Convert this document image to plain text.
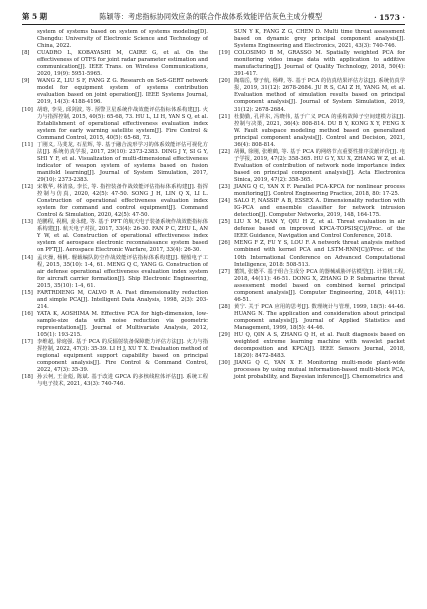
第 5 期	陈颖等：考虑指标协同效应条的联合作战体系效能评估灰色主成分模型	· 1573 ·

system of systems based on system of systems modeling[D]. Chengdu: University of Electronic Science and Technology of China, 2022.

[8]	CUADRO L, KOBAYASHI M, CAIRE G, et al. On the effectiveness of OTFS for joint radar parameter estimation and communication[J]. IEEE Trans. on Wireless Communications, 2020, 19(9): 5951-5965.
[9]	WANG Z, LIU S F, FANG Z G. Research on SoS-GERT network model for equipment system of systems contribution evaluation based on joint operation[J]. IEEE Systems Journal, 2019, 14(3): 4188-4196.
[10] 胡晗, 李昊, 邱剑波, 等. 预警卫星系统作战效能评估指标体系构建[J]. 火力与指挥控制, 2015, 40(5): 65-68, 73. HU L, LI H, YAN S Q, et al. Establishment of operational effectiveness evaluation index system for early warning satellite system[J]. Fire Control & Command Control, 2015, 40(5): 65-68, 73.
[11] 丁刚义, 马斐龙, 石星辉, 等. 基于融合流形学习的体系效能评估可视化方法[J]. 系统仿真学报, 2017, 29(10): 2373-2383. DING J Y, SI G Y, SHI Y F, et al. Visualization of multi-dimensional effectiveness indicator of weapon system of systems based on fusion manifold learning[J]. Journal of System Simulation, 2017, 29(10): 2373-2383.
[12] 宋敬华, 林清泉, 李长, 等. 指控装备作战效能评估指标体系构建[J]. 指挥控制与仿真, 2020, 42(5): 47-50. SONG J H, LIN Q X, LI L. Construction of operational effectiveness evaluation index system for command and control equipment[J]. Command Control & Simulation, 2020, 42(5): 47-50.
[13] 范鹏程, 祝桐, 姜永健, 等. 基于 PFT 的航天电子装备系统作战效能指标体系构建[J]. 航天电子对抗, 2017, 33(4): 26-30. FAN P C, ZHU L, AN Y W, et al. Construction of operational effectiveness index system of aerospace electronic reconnaissance system based on PFT[J]. Aerospace Electronic Warfare, 2017, 33(4): 26-30.
[14] 孟庆操, 杨帆. 舰载编队防空作战效能评估指标体系构建[J]. 舰船电子工程, 2015, 35(10): 1-4, 61. MENG Q C, YANG G. Construction of air defense operational effectiveness evaluation index system for aircraft carrier formation[J]. Ship Electronic Engineering, 2015, 35(10): 1-4, 61.
[15] FARTRDIENG M, CALVO R A. Fast dimensionality reduction and simple PCA[J]. Intelligent Data Analysis, 1998, 2(3): 203-214.
[16] YATA K, AOSHIMA M. Effective PCA for high-dimension, low-sample-size data with noise reduction via geometric representations[J]. Journal of Multivariate Analysis, 2012, 105(1): 193-215.
[17] 李维超, 徐庭强. 基于 PCA 的反辐射装备保障能力评估方法[J]. 火力与指挥控制, 2022, 47(3): 35-39. LI H J, XU T X. Evaluation method of regional equipment support capability based on principal component analysis[J]. Fire Control & Command Control, 2022, 47(3): 35-39.
[18] 孙云柯, 王金彪, 陈斌. 基于改进 GPCA 的多核线粒体评估[J]. 系统工程与电子技术, 2021, 43(3): 740-746.
SUN Y K, FANG Z G, CHEN D. Multi time threat assessment based on dynamic grey principal component analysis[J]. Systems Engineering and Electronics, 2021, 43(3): 740-746.
[19] COLOSIMO B M, GRASSO M. Spatially weighted PCA for monitoring video image data with application to additive manufacturing[J]. Journal of Quality Technology, 2018, 50(4): 391-417.
[20] 陶瑞岳, 黎子航, 杨峰, 等. 基于 PCA 的仿真结果评估方法[J]. 系统仿真学报, 2019, 31(12): 2678-2684. JU R S, CAI Z H, YANG M, et al. Evaluation method of simulation results based on principal component analysis[J]. Journal of System Simulation, 2019, 31(12): 2678-2684.
[21] 杜勤勤, 孔祥东, 冯晓伟, 基于广义 PCA 的重构故障子空间建模方法[J]. 控制与决策, 2021, 36(4): 808-814. DU B Y, KONG X Y, FENG X W. Fault subspace modeling method based on generalized principal component analysis[J]. Control and Decision, 2021, 36(4): 808-814.
[22] 胡佩, 徐刚, 张维鹤, 等. 基于 PCA 的网络节点重要性排序贡献评价[J]. 电子学报, 2019, 47(2): 358-365. HU G Y, XU X, ZHANG W Z, et al. Evaluation of contribution of network node importance index based on principal component analysis[J]. Acta Electronica Sinica, 2019, 47(2): 358-365.
[23] JIANG Q C, YAN X F. Parallel PCA-KPCA for nonlinear process monitoring[J]. Control Engineering Practice, 2018, 80: 17-25.
[24] SALO F, NASSIF A B, ESSEX A. Dimensionality reduction with IG-PCA and ensemble classifier for network intrusion detection[J]. Computer Networks, 2019, 148, 164-175.
[25] LIU X M, HAN Y, QIU H Z, et al. Threat evaluation in air defense based on improved KPCA-TOPSIS[C]//Proc. of the IEEE Guidance, Navigation and Control Conference, 2018.
[26] MENG F Z, FU Y S, LOU F. A network threat analysis method combined with kernel PCA and LSTM-RNN[C]//Proc. of the 10th International Conference on Advanced Computational Intelligence, 2018: 508-513.
[27] 董凯, 张德平. 基于组合主成分 PCA 的器械威胁评估模型[J]. 计算机工程, 2018, 44(11): 46-51. DONG X, ZHANG D P. Submarine threat assessment model based on combined kernel principal component analysis[J]. Computer Engineering, 2018, 44(11): 46-51.
[28] 黄宁. 关于 PCA 应用的思考[J]. 数理统计与管理, 1999, 18(5): 44-46. HUANG N. The application and consideration about principal component analysis[J]. Journal of Applied Statistics and Management, 1999, 18(5): 44-46.
[29] HU Q, QIN A S, ZHANG Q H, et al. Fault diagnosis based on weighted extreme learning machine with wavelet packet decomposition and KPCA[J]. IEEE Sensors Journal, 2018, 18(20): 8472-8483.
[30] JIANG Q C, YAN X F. Monitoring multi-mode plant-wide processes by using mutual information-based multi-block PCA, joint probability, and Bayesian inference[J]. Chemometrics and
